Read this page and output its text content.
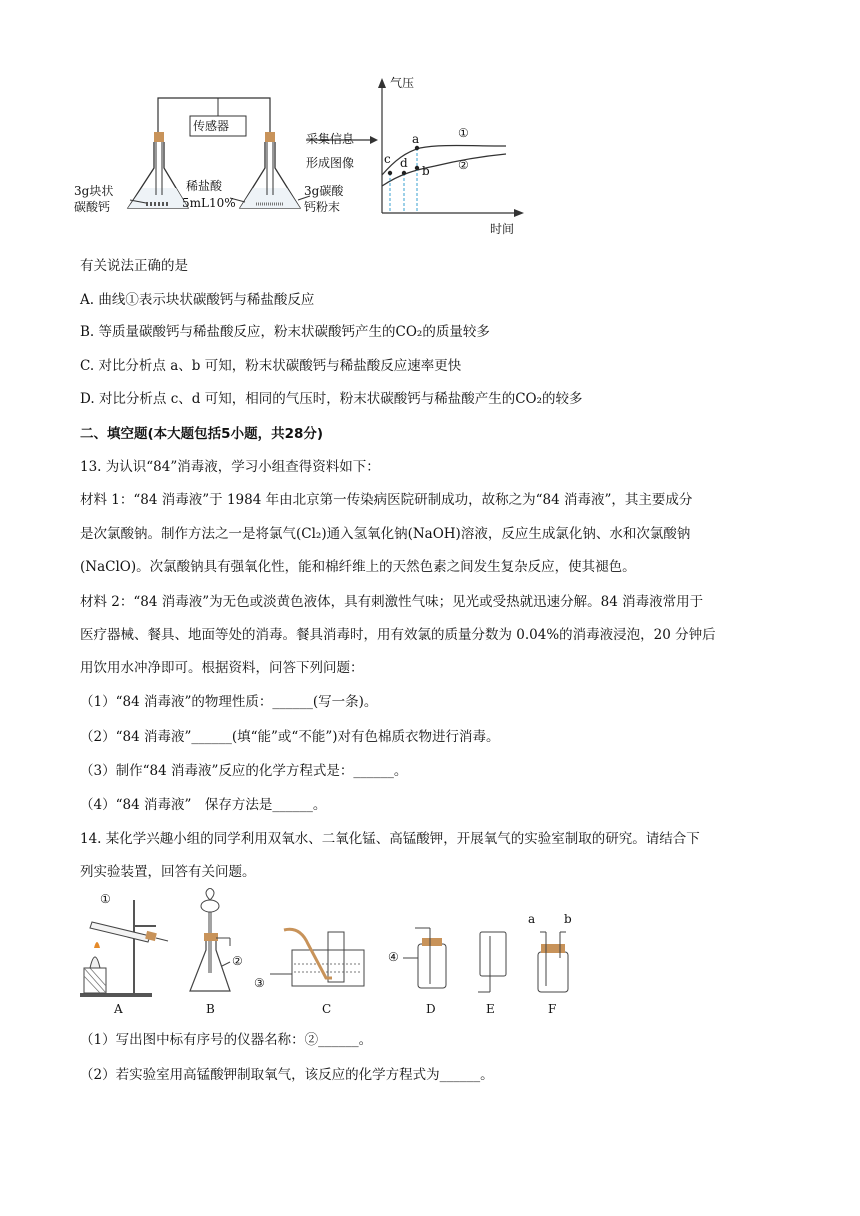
传感器
3g块状
碳酸钙
稀盐酸
5mL10%
3g碳酸
钙粉末
采集信息
形成图像
气压
时间
a
b
c d
①
②
有关说法正确的是
A. 曲线①表示块状碳酸钙与稀盐酸反应
B. 等质量碳酸钙与稀盐酸反应，粉末状碳酸钙产生的CO₂的质量较多
C. 对比分析点 a、b 可知，粉末状碳酸钙与稀盐酸反应速率更快
D. 对比分析点 c、d 可知，相同的气压时，粉末状碳酸钙与稀盐酸产生的CO₂的较多
二、填空题(本大题包括5小题，共28分)
13. 为认识“84”消毒液，学习小组查得资料如下：
材料 1：“84 消毒液”于 1984 年由北京第一传染病医院研制成功，故称之为“84 消毒液”，其主要成分
是次氯酸钠。制作方法之一是将氯气(Cl₂)通入氢氧化钠(NaOH)溶液，反应生成氯化钠、水和次氯酸钠
(NaClO)。次氯酸钠具有强氧化性，能和棉纤维上的天然色素之间发生复杂反应，使其褪色。
材料 2：“84 消毒液”为无色或淡黄色液体，具有刺激性气味；见光或受热就迅速分解。84 消毒液常用于
医疗器械、餐具、地面等处的消毒。餐具消毒时，用有效氯的质量分数为 0.04%的消毒液浸泡，20 分钟后
用饮用水冲净即可。根据资料，问答下列问题：
（1）“84 消毒液”的物理性质：______(写一条)。
（2）“84 消毒液”______(填“能”或“不能”)对有色棉质衣物进行消毒。
（3）制作“84 消毒液”反应的化学方程式是：______。
（4）“84 消毒液”　保存方法是______。
14. 某化学兴趣小组的同学利用双氧水、二氧化锰、高锰酸钾，开展氧气的实验室制取的研究。请结合下
列实验装置，回答有关问题。
①
②
③
④
a b
A	B	C	D	E	F
（1）写出图中标有序号的仪器名称：②______。
（2）若实验室用高锰酸钾制取氧气，该反应的化学方程式为______。
